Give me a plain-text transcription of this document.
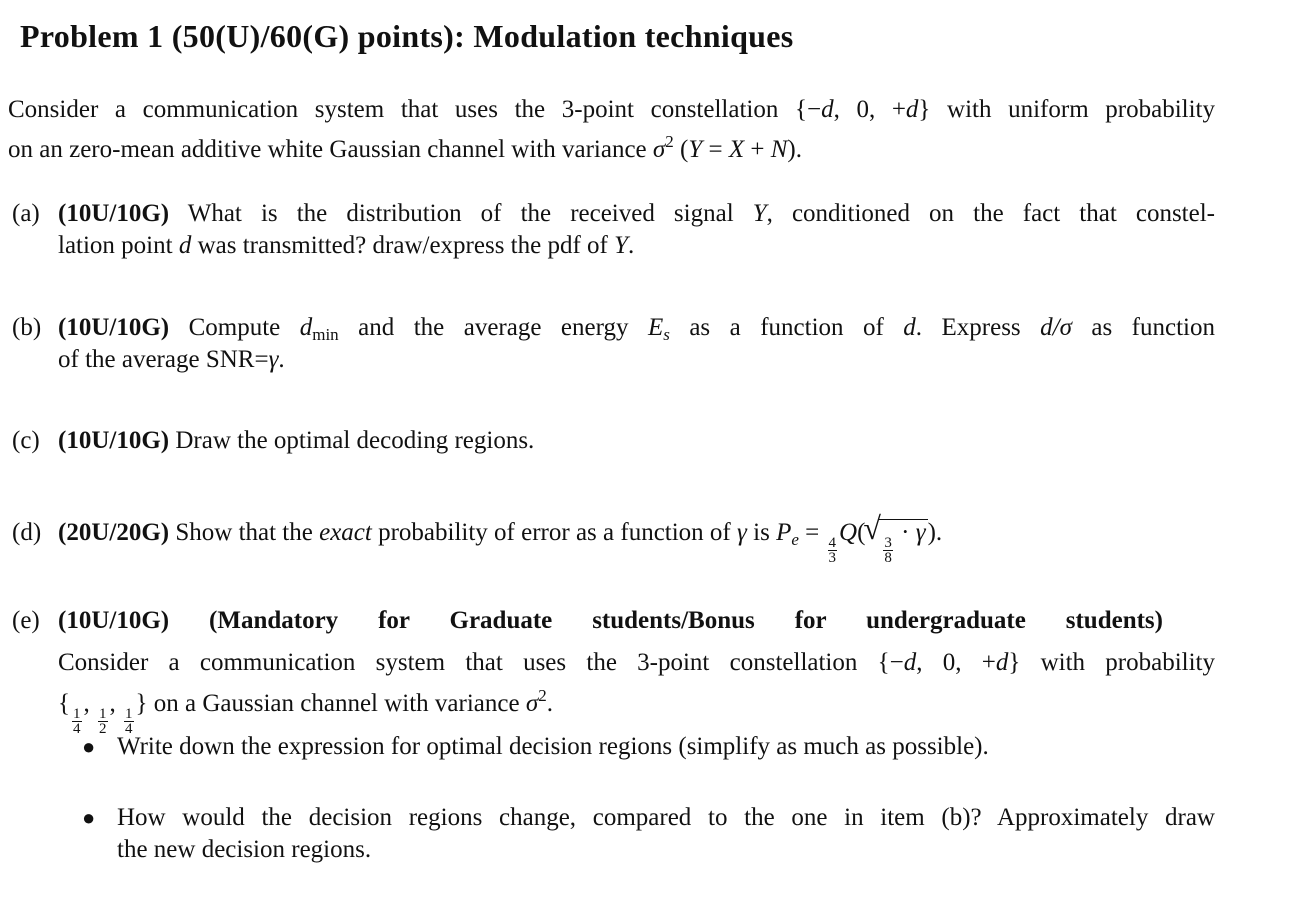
Problem 1 (50(U)/60(G) points): Modulation techniques
Consider a communication system that uses the 3-point constellation {−d, 0, +d} with uniform probability
on an zero-mean additive white Gaussian channel with variance $\sigma^2$ (Y = X + N).
(a) (10U/10G) What is the distribution of the received signal Y, conditioned on the fact that constel-
lation point d was transmitted? draw/express the pdf of Y.
(b) (10U/10G) Compute $d_{min}$ and the average energy $E_s$ as a function of d. Express d/σ as function
of the average SNR=γ.
(c) (10U/10G) Draw the optimal decoding regions.
(d) (20U/20G) Show that the exact probability of error as a function of γ is $P_e$ =
$\frac{4}{3}$
Q(
√ $\frac{3}{8}$
· γ).
(e) (10U/10G) (Mandatory for Graduate students/Bonus for undergraduate students)
Consider a communication system that uses the 3-point constellation {−d, 0, +d} with probability
{
$\frac{1}{4}$
,
$\frac{1}{2}$
,
$\frac{1}{4}$
} on a Gaussian channel with variance $\sigma^2$.
● Write down the expression for optimal decision regions (simplify as much as possible).
● How would the decision regions change, compared to the one in item (b)? Approximately draw
the new decision regions.
